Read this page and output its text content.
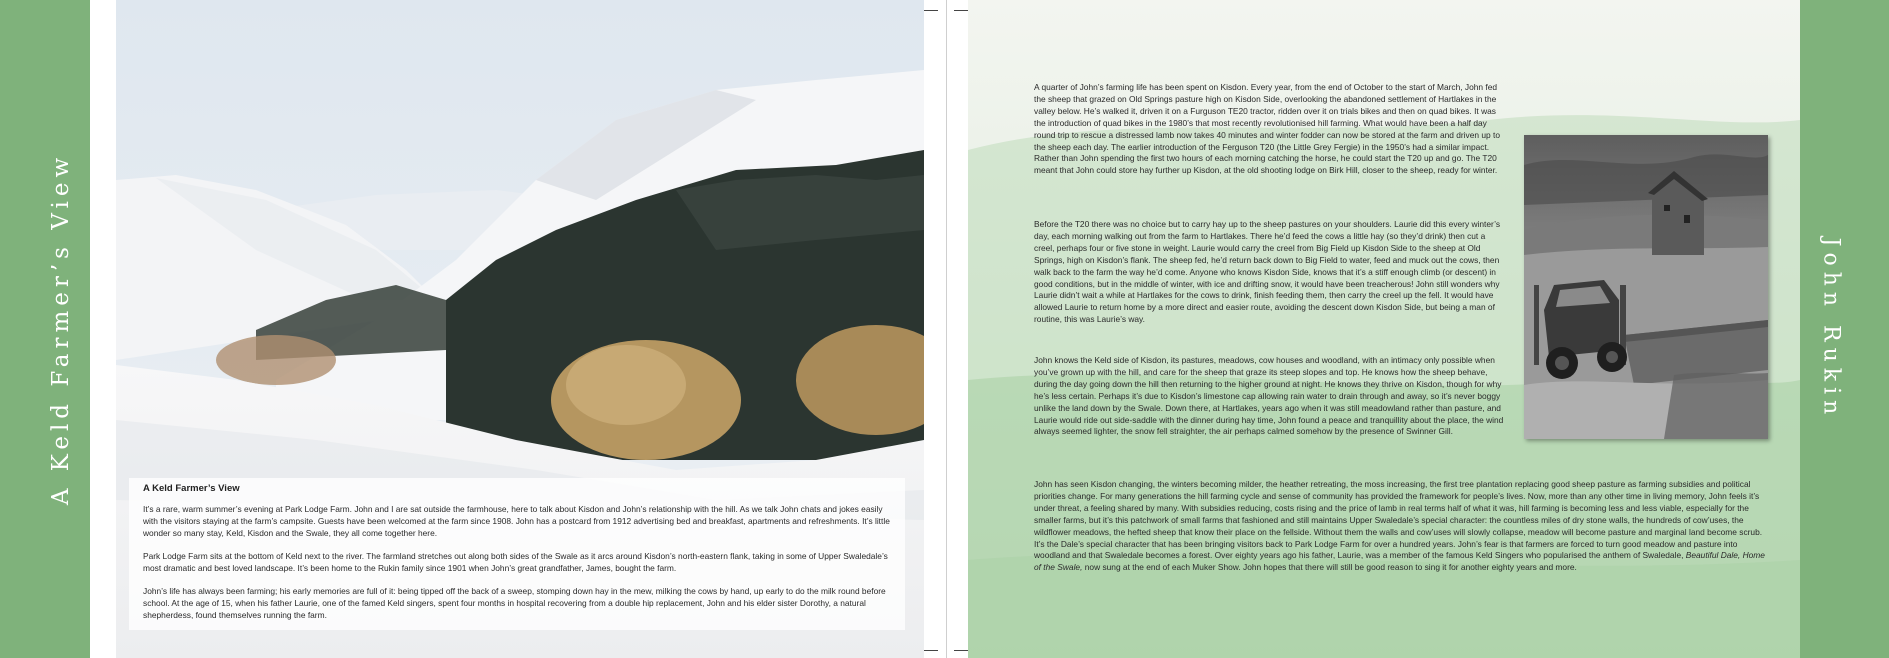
A Keld Farmer’s View	A Keld Farmer’s View

It’s a rare, warm summer’s evening at Park Lodge Farm. John and I are sat outside the farmhouse, here to talk about Kisdon and John’s relationship with the hill. As we talk John chats and jokes easily with the visitors staying at the farm’s campsite. Guests have been welcomed at the farm since 1908. John has a postcard from 1912 advertising bed and breakfast, apartments and refreshments. It’s little wonder so many stay, Keld, Kisdon and the Swale, they all come together here.

Park Lodge Farm sits at the bottom of Keld next to the river. The farmland stretches out along both sides of the Swale as it arcs around Kisdon’s north-eastern flank, taking in some of Upper Swaledale’s most dramatic and best loved landscape. It’s been home to the Rukin family since 1901 when John’s great grandfather, James, bought the farm.

John’s life has always been farming; his early memories are full of it: being tipped off the back of a sweep, stomping down hay in the mew, milking the cows by hand, up early to do the milk round before school. At the age of 15, when his father Laurie, one of the famed Keld singers, spent four months in hospital recovering from a double hip replacement, John and his elder sister Dorothy, a natural shepherdess, found themselves running the farm.

A quarter of John’s farming life has been spent on Kisdon. Every year, from the end of October to the start of March, John fed the sheep that grazed on Old Springs pasture high on Kisdon Side, overlooking the abandoned settlement of Hartlakes in the valley below. He’s walked it, driven it on a Furguson TE20 tractor, ridden over it on trials bikes and then on quad bikes. It was the introduction of quad bikes in the 1980’s that most recently revolutionised hill farming. What would have been a half day round trip to rescue a distressed lamb now takes 40 minutes and winter fodder can now be stored at the farm and driven up to the sheep each day. The earlier introduction of the Ferguson T20 (the Little Grey Fergie) in the 1950’s had a similar impact. Rather than John spending the first two hours of each morning catching the horse, he could start the T20 up and go. The T20 meant that John could store hay further up Kisdon, at the old shooting lodge on Birk Hill, closer to the sheep, ready for winter.

Before the T20 there was no choice but to carry hay up to the sheep pastures on your shoulders. Laurie did this every winter’s day, each morning walking out from the farm to Hartlakes. There he’d feed the cows a little hay (so they’d drink) then cut a creel, perhaps four or five stone in weight. Laurie would carry the creel from Big Field up Kisdon Side to the sheep at Old Springs, high on Kisdon’s flank. The sheep fed, he’d return back down to Big Field to water, feed and muck out the cows, then walk back to the farm the way he’d come. Anyone who knows Kisdon Side, knows that it’s a stiff enough climb (or descent) in good conditions, but in the middle of winter, with ice and drifting snow, it would have been treacherous! John still wonders why Laurie didn’t wait a while at Hartlakes for the cows to drink, finish feeding them, then carry the creel up the fell. It would have allowed Laurie to return home by a more direct and easier route, avoiding the descent down Kisdon Side, but being a man of routine, this was Laurie’s way.

John knows the Keld side of Kisdon, its pastures, meadows, cow houses and woodland, with an intimacy only possible when you’ve grown up with the hill, and care for the sheep that graze its steep slopes and top. He knows how the sheep behave, during the day going down the hill then returning to the higher ground at night. He knows they thrive on Kisdon, though for why he’s less certain. Perhaps it’s due to Kisdon’s limestone cap allowing rain water to drain through and away, so it’s never boggy unlike the land down by the Swale. Down there, at Hartlakes, years ago when it was still meadowland rather than pasture, and Laurie would ride out side-saddle with the dinner during hay time, John found a peace and tranquillity about the place, the wind always seemed lighter, the snow fell straighter, the air perhaps calmed somehow by the presence of Swinner Gill.

John has seen Kisdon changing, the winters becoming milder, the heather retreating, the moss increasing, the first tree plantation replacing good sheep pasture as farming subsidies and political priorities change. For many generations the hill farming cycle and sense of community has provided the framework for people’s lives. Now, more than any other time in living memory, John feels it’s under threat, a feeling shared by many. With subsidies reducing, costs rising and the price of lamb in real terms half of what it was, hill farming is becoming less and less viable, especially for the smaller farms, but it’s this patchwork of small farms that fashioned and still maintains Upper Swaledale’s special character: the countless miles of dry stone walls, the hundreds of cow’uses, the wildflower meadows, the hefted sheep that know their place on the fellside. Without them the walls and cow’uses will slowly collapse, meadow will become pasture and marginal land become scrub. It’s the Dale’s special character that has been bringing visitors back to Park Lodge Farm for over a hundred years. John’s fear is that farmers are forced to turn good meadow and pasture into woodland and that Swaledale becomes a forest. Over eighty years ago his father, Laurie, was a member of the famous Keld Singers who popularised the anthem of Swaledale, Beautiful Dale, Home of the Swale, now sung at the end of each Muker Show. John hopes that there will still be good reason to sing it for another eighty years and more.

John Rukin
